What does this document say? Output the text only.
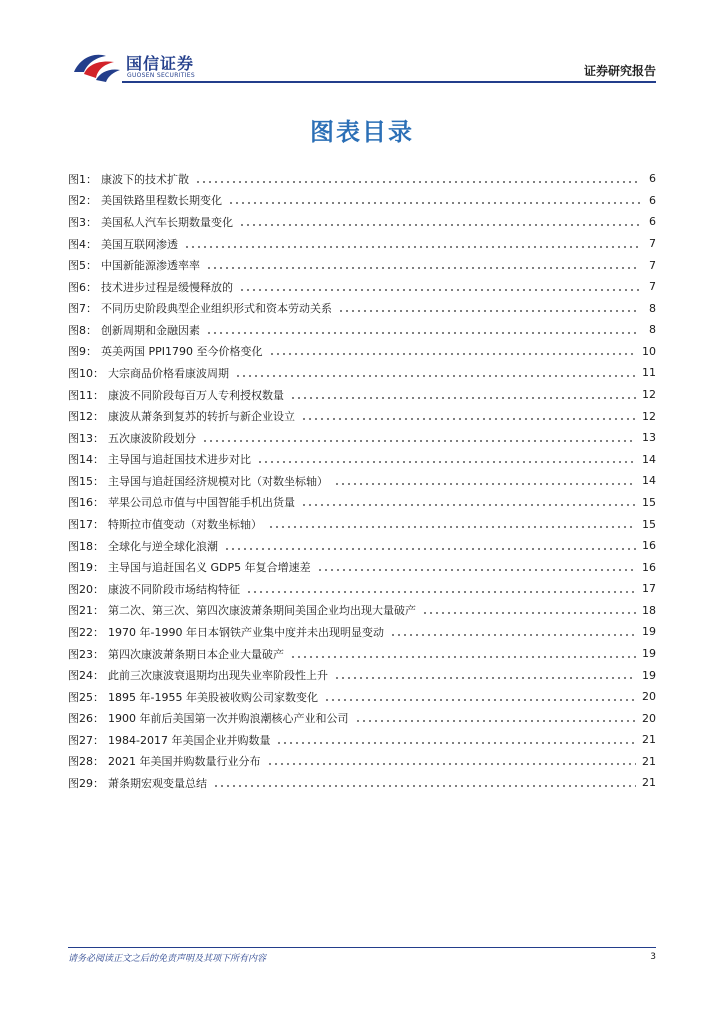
国信证券
GUOSEN SECURITIES	证券研究报告
图表目录
图1： 康波下的技术扩散	6
图2： 美国铁路里程数长期变化	6
图3： 美国私人汽车长期数量变化	6
图4： 美国互联网渗透	7
图5： 中国新能源渗透率率	7
图6： 技术进步过程是缓慢释放的	7
图7： 不同历史阶段典型企业组织形式和资本劳动关系	8
图8： 创新周期和金融因素	8
图9： 英美两国 PPI1790 至今价格变化	10
图10： 大宗商品价格看康波周期	11
图11： 康波不同阶段每百万人专利授权数量	12
图12： 康波从萧条到复苏的转折与新企业设立	12
图13： 五次康波阶段划分	13
图14： 主导国与追赶国技术进步对比	14
图15： 主导国与追赶国经济规模对比（对数坐标轴）	14
图16： 苹果公司总市值与中国智能手机出货量	15
图17： 特斯拉市值变动（对数坐标轴）	15
图18： 全球化与逆全球化浪潮	16
图19： 主导国与追赶国名义 GDP5 年复合增速差	16
图20： 康波不同阶段市场结构特征	17
图21： 第二次、第三次、第四次康波萧条期间美国企业均出现大量破产	18
图22： 1970 年-1990 年日本钢铁产业集中度并未出现明显变动	19
图23： 第四次康波萧条期日本企业大量破产	19
图24： 此前三次康波衰退期均出现失业率阶段性上升	19
图25： 1895 年-1955 年美股被收购公司家数变化	20
图26： 1900 年前后美国第一次并购浪潮核心产业和公司	20
图27： 1984-2017 年美国企业并购数量	21
图28： 2021 年美国并购数量行业分布	21
图29： 萧条期宏观变量总结	21
请务必阅读正文之后的免责声明及其项下所有内容	3
